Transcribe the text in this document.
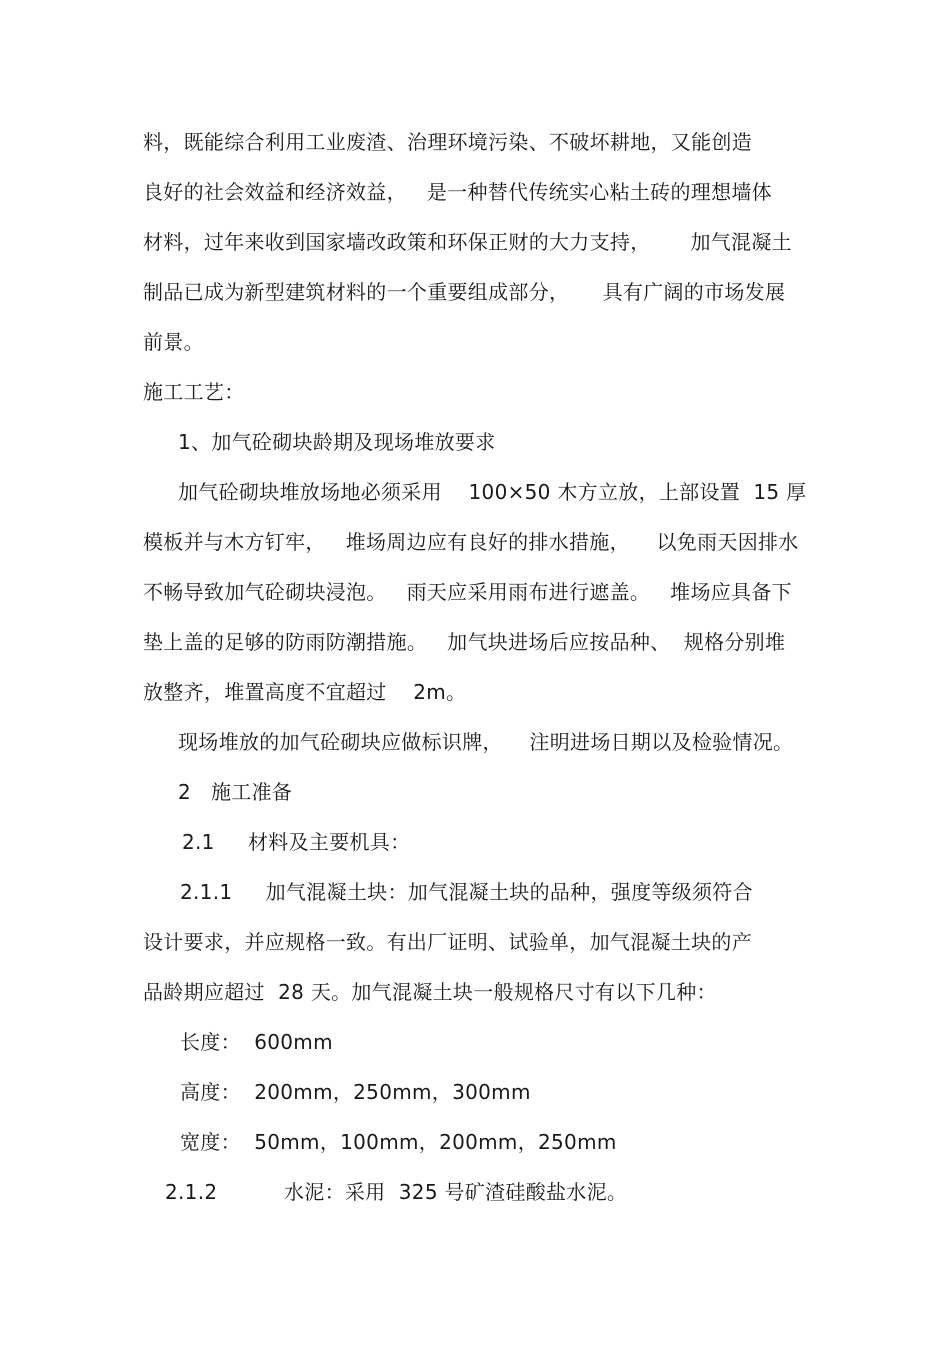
料，既能综合利用工业废渣、治理环境污染、不破坏耕地，又能创造
良好的社会效益和经济效益，   是一种替代传统实心粘土砖的理想墙体
材料，过年来收到国家墙改政策和环保正财的大力支持，      加气混凝土
制品已成为新型建筑材料的一个重要组成部分，     具有广阔的市场发展
前景。
施工工艺：
1、加气砼砌块龄期及现场堆放要求
加气砼砌块堆放场地必须采用    100×50 木方立放，上部设置  15 厚
模板并与木方钉牢，   堆场周边应有良好的排水措施，    以免雨天因排水
不畅导致加气砼砌块浸泡。   雨天应采用雨布进行遮盖。   堆场应具备下
垫上盖的足够的防雨防潮措施。   加气块进场后应按品种、  规格分别堆
放整齐，堆置高度不宜超过    2m。
现场堆放的加气砼砌块应做标识牌，    注明进场日期以及检验情况。
2   施工准备
2.1     材料及主要机具：
2.1.1     加气混凝土块：加气混凝土块的品种，强度等级须符合
设计要求，并应规格一致。有出厂证明、试验单，加气混凝土块的产
品龄期应超过  28 天。加气混凝土块一般规格尺寸有以下几种：
长度：  600mm
高度：  200mm，250mm，300mm
宽度：  50mm，100mm，200mm，250mm
2.1.2          水泥：采用  325 号矿渣硅酸盐水泥。
